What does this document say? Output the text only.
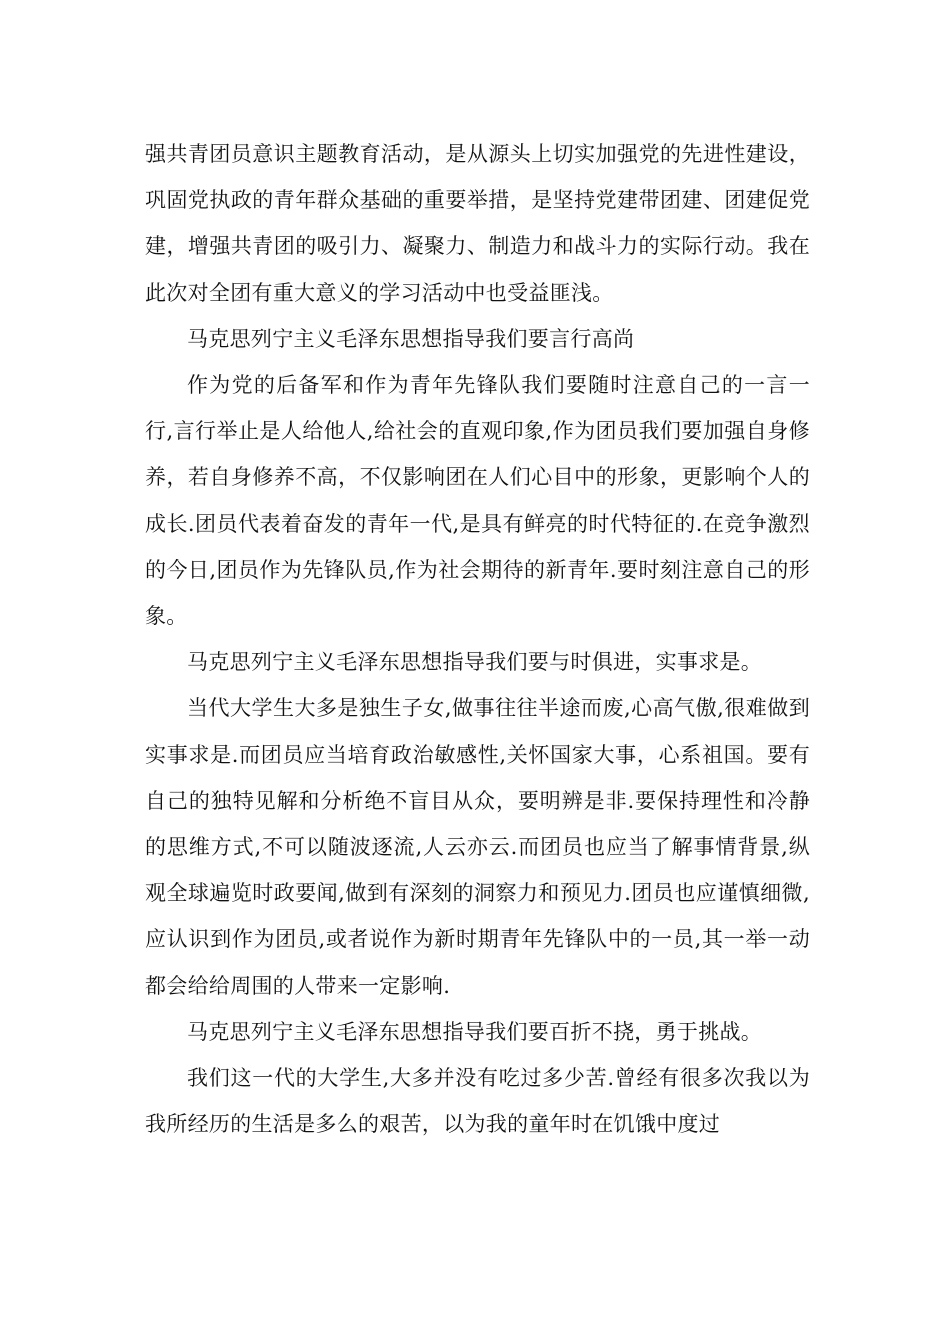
强共青团员意识主题教育活动，是从源头上切实加强党的先进性建设，巩固党执政的青年群众基础的重要举措，是坚持党建带团建、团建促党建，增强共青团的吸引力、凝聚力、制造力和战斗力的实际行动。我在此次对全团有重大意义的学习活动中也受益匪浅。

马克思列宁主义毛泽东思想指导我们要言行高尚

作为党的后备军和作为青年先锋队我们要随时注意自己的一言一行,言行举止是人给他人,给社会的直观印象,作为团员我们要加强自身修养，若自身修养不高，不仅影响团在人们心目中的形象，更影响个人的成长.团员代表着奋发的青年一代,是具有鲜亮的时代特征的.在竞争激烈的今日,团员作为先锋队员,作为社会期待的新青年.要时刻注意自己的形象。

马克思列宁主义毛泽东思想指导我们要与时俱进，实事求是。

当代大学生大多是独生子女,做事往往半途而废,心高气傲,很难做到实事求是.而团员应当培育政治敏感性,关怀国家大事，心系祖国。要有自己的独特见解和分析绝不盲目从众，要明辨是非.要保持理性和冷静的思维方式,不可以随波逐流,人云亦云.而团员也应当了解事情背景,纵观全球遍览时政要闻,做到有深刻的洞察力和预见力.团员也应谨慎细微,应认识到作为团员,或者说作为新时期青年先锋队中的一员,其一举一动都会给给周围的人带来一定影响.

马克思列宁主义毛泽东思想指导我们要百折不挠，勇于挑战。

我们这一代的大学生,大多并没有吃过多少苦.曾经有很多次我以为我所经历的生活是多么的艰苦，以为我的童年时在饥饿中度过
